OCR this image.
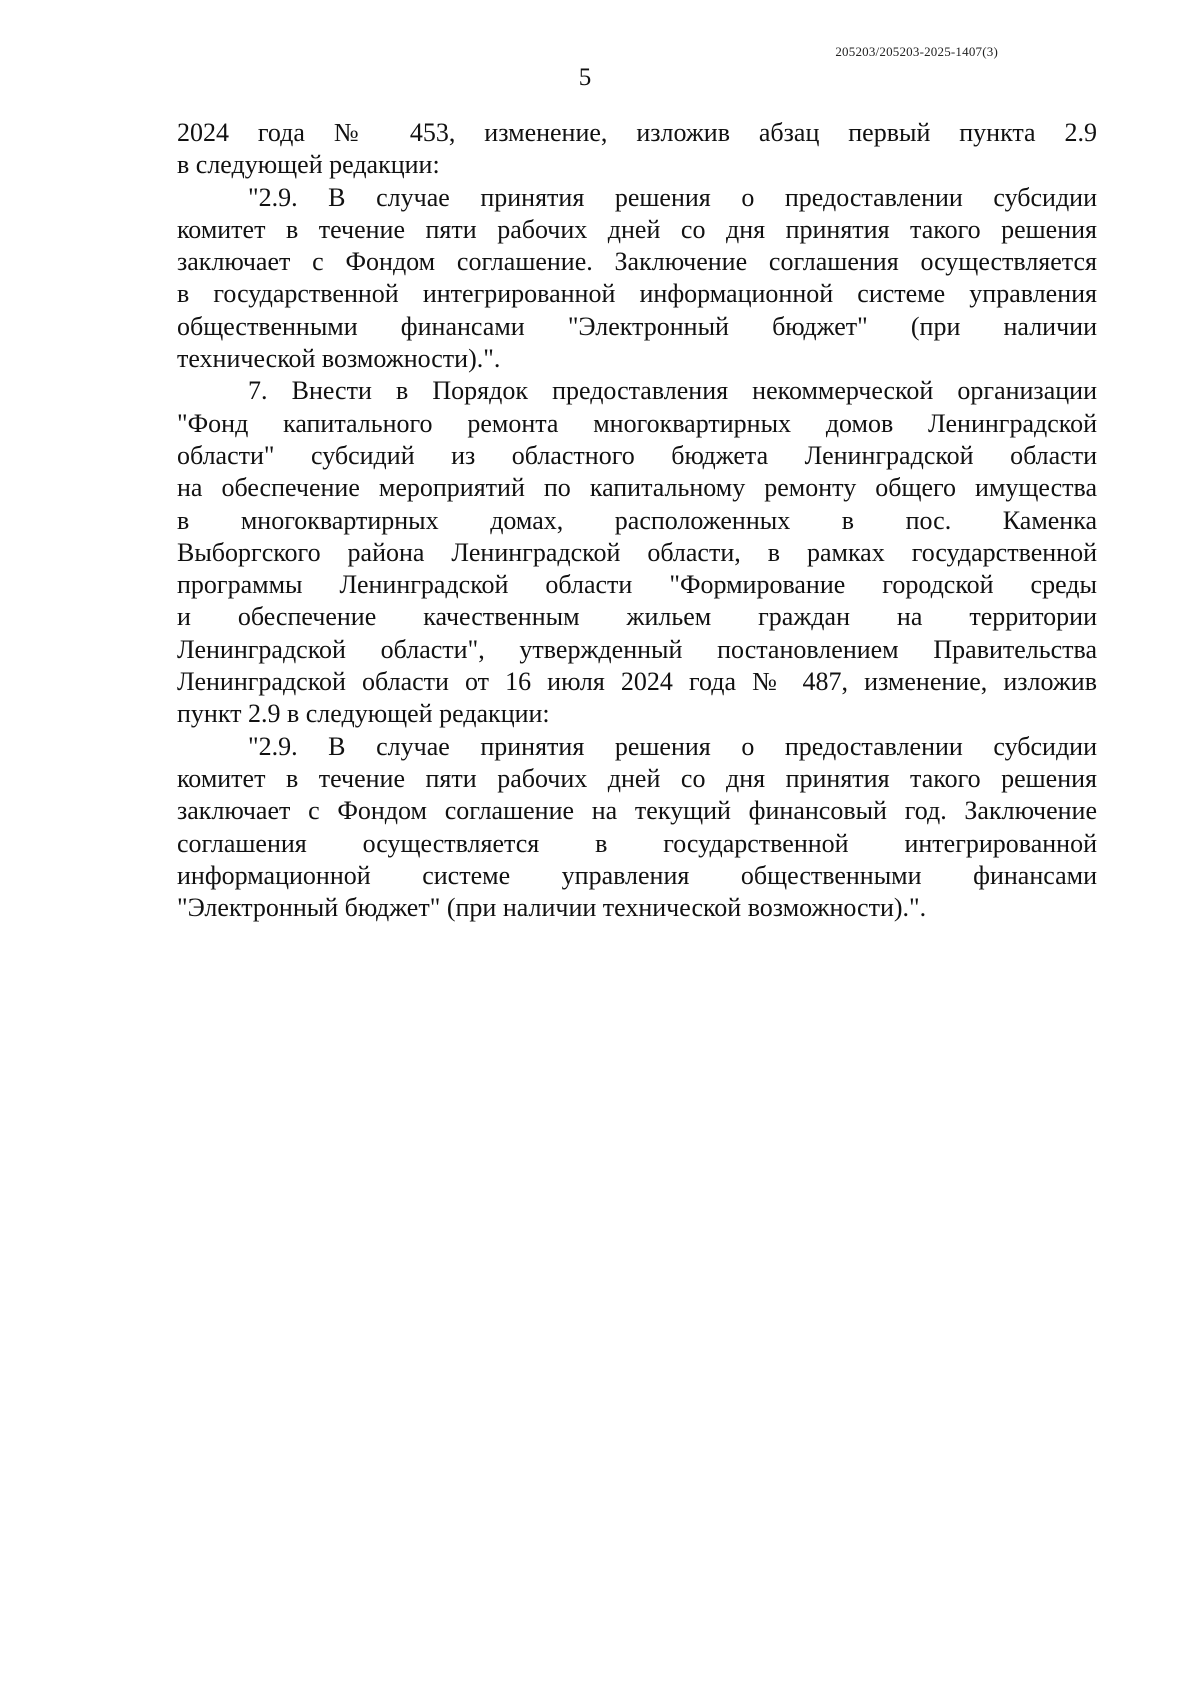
205203/205203-2025-1407(3)
5
2024 года № 453, изменение, изложив абзац первый пункта 2.9
в следующей редакции:
"2.9. В случае принятия решения о предоставлении субсидии
комитет в течение пяти рабочих дней со дня принятия такого решения
заключает с Фондом соглашение. Заключение соглашения осуществляется
в государственной интегрированной информационной системе управления
общественными финансами "Электронный бюджет" (при наличии
технической возможности).".
7. Внести в Порядок предоставления некоммерческой организации
"Фонд капитального ремонта многоквартирных домов Ленинградской
области" субсидий из областного бюджета Ленинградской области
на обеспечение мероприятий по капитальному ремонту общего имущества
в многоквартирных домах, расположенных в пос. Каменка
Выборгского района Ленинградской области, в рамках государственной
программы Ленинградской области "Формирование городской среды
и обеспечение качественным жильем граждан на территории
Ленинградской области", утвержденный постановлением Правительства
Ленинградской области от 16 июля 2024 года № 487, изменение, изложив
пункт 2.9 в следующей редакции:
"2.9. В случае принятия решения о предоставлении субсидии
комитет в течение пяти рабочих дней со дня принятия такого решения
заключает с Фондом соглашение на текущий финансовый год. Заключение
соглашения осуществляется в государственной интегрированной
информационной системе управления общественными финансами
"Электронный бюджет" (при наличии технической возможности).".
